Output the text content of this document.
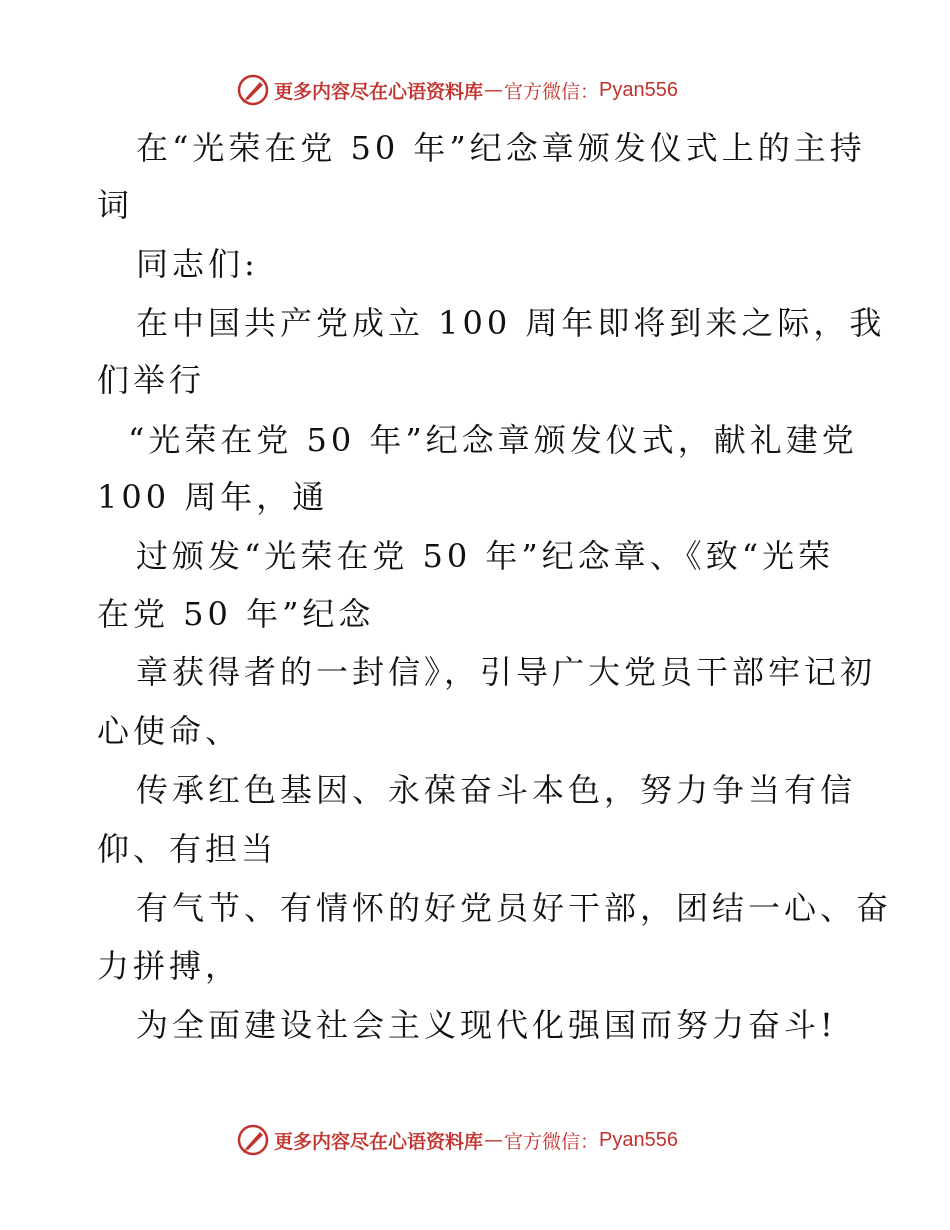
更多内容尽在心语资料库 — 官方微信： Pyan556
在“光荣在党 50 年”纪念章颁发仪式上的主持
词
同志们:
在中国共产党成立 100 周年即将到来之际，我
们举行
“光荣在党 50 年”纪念章颁发仪式，献礼建党
100 周年，通
过颁发“光荣在党 50 年”纪念章、《致“光荣
在党 50 年”纪念
章获得者的一封信》，引导广大党员干部牢记初
心使命、
传承红色基因、永葆奋斗本色，努力争当有信
仰、有担当
有气节、有情怀的好党员好干部，团结一心、奋
力拼搏，
为全面建设社会主义现代化强国而努力奋斗!
更多内容尽在心语资料库 — 官方微信： Pyan556
